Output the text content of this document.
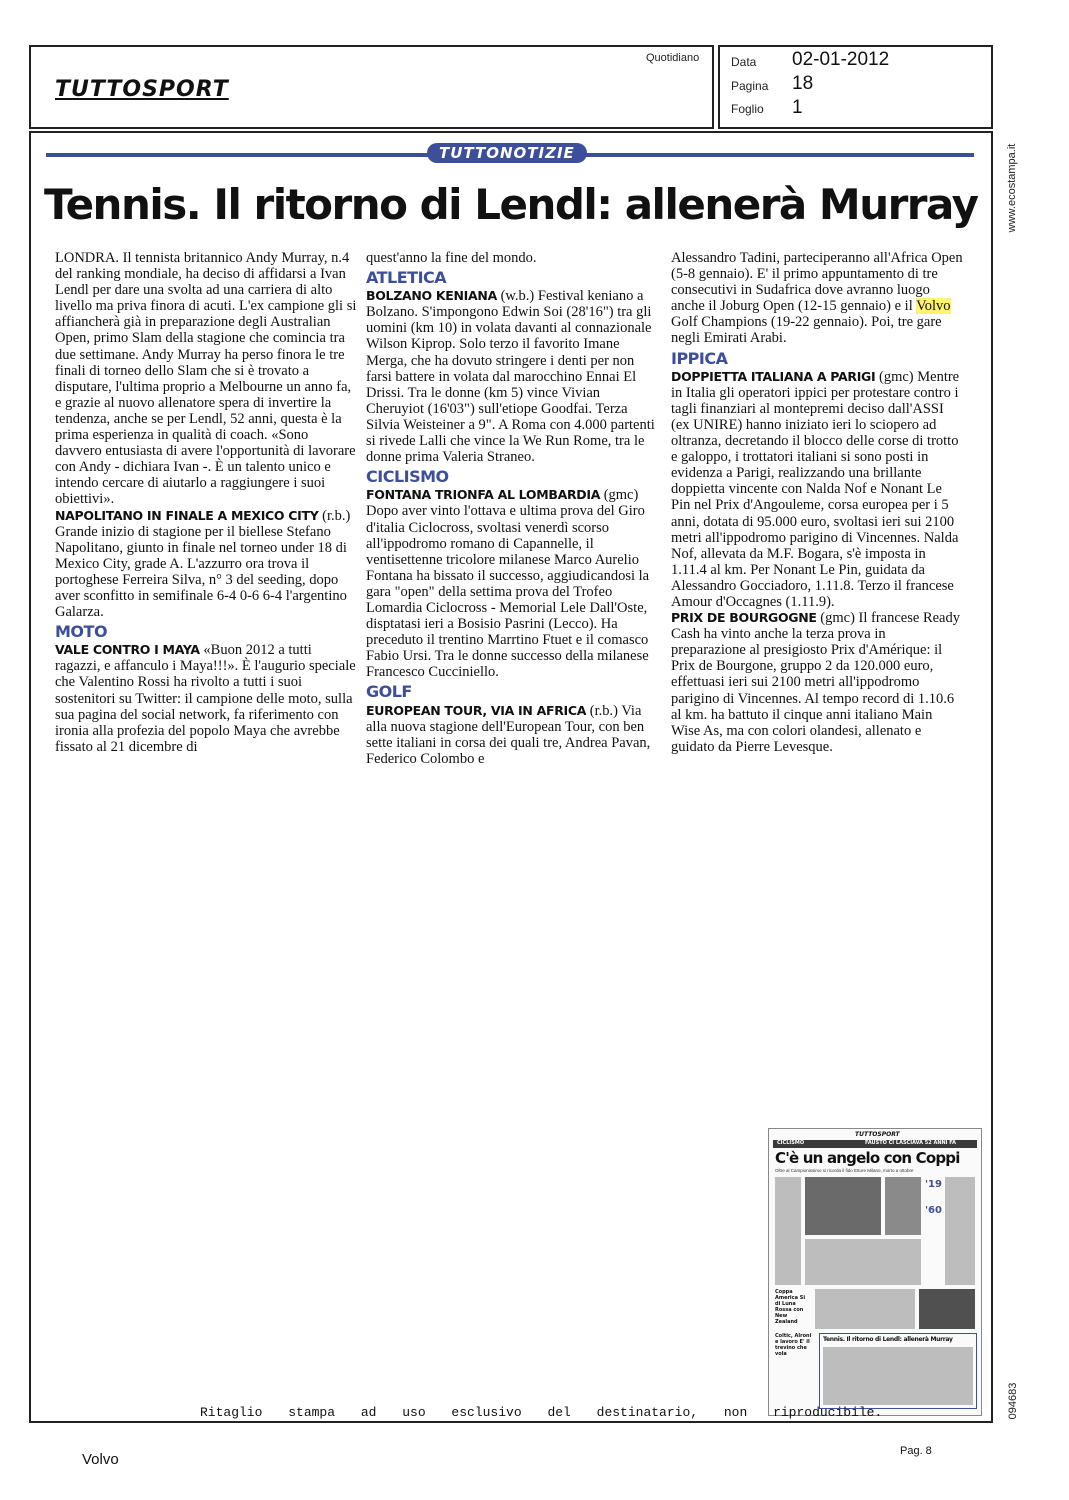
TUTTOSPORT
Quotidiano	Data 02-01-2012
Pagina 18
Foglio 1
www.ecostampa.it
094683
TUTTONOTIZIE
Tennis. Il ritorno di Lendl: allenerà Murray

LONDRA. Il tennista britannico Andy Murray, n.4 del ranking mondiale, ha deciso di affidarsi a Ivan Lendl per dare una svolta ad una carriera di alto livello ma priva finora di acuti. L'ex campione gli si affiancherà già in preparazione degli Australian Open, primo Slam della stagione che comincia tra due settimane. Andy Murray ha perso finora le tre finali di torneo dello Slam che si è trovato a disputare, l'ultima proprio a Melbourne un anno fa, e grazie al nuovo allenatore spera di invertire la tendenza, anche se per Lendl, 52 anni, questa è la prima esperienza in qualità di coach. «Sono davvero entusiasta di avere l'opportunità di lavorare con Andy - dichiara Ivan -. È un talento unico e intendo cercare di aiutarlo a raggiungere i suoi obiettivi».

NAPOLITANO IN FINALE A MEXICO CITY (r.b.) Grande inizio di stagione per il biellese Stefano Napolitano, giunto in finale nel torneo under 18 di Mexico City, grade A. L'azzurro ora trova il portoghese Ferreira Silva, n° 3 del seeding, dopo aver sconfitto in semifinale 6-4 0-6 6-4 l'argentino Galarza.

MOTO

VALE CONTRO I MAYA «Buon 2012 a tutti ragazzi, e affanculo i Maya!!!». È l'augurio speciale che Valentino Rossi ha rivolto a tutti i suoi sostenitori su Twitter: il campione delle moto, sulla sua pagina del social network, fa riferimento con ironia alla profezia del popolo Maya che avrebbe fissato al 21 dicembre di

quest'anno la fine del mondo.

ATLETICA

BOLZANO KENIANA (w.b.) Festival keniano a Bolzano. S'impongono Edwin Soi (28'16") tra gli uomini (km 10) in volata davanti al connazionale Wilson Kiprop. Solo terzo il favorito Imane Merga, che ha dovuto stringere i denti per non farsi battere in volata dal marocchino Ennai El Drissi. Tra le donne (km 5) vince Vivian Cheruyiot (16'03") sull'etiope Goodfai. Terza Silvia Weisteiner a 9". A Roma con 4.000 partenti si rivede Lalli che vince la We Run Rome, tra le donne prima Valeria Straneo.

CICLISMO

FONTANA TRIONFA AL LOMBARDIA (gmc) Dopo aver vinto l'ottava e ultima prova del Giro d'italia Ciclocross, svoltasi venerdì scorso all'ippodromo romano di Capannelle, il ventisettenne tricolore milanese Marco Aurelio Fontana ha bissato il successo, aggiudicandosi la gara "open" della settima prova del Trofeo Lomardia Ciclocross - Memorial Lele Dall'Oste, disptatasi ieri a Bosisio Pasrini (Lecco). Ha preceduto il trentino Marrtino Ftuet e il comasco Fabio Ursi. Tra le donne successo della milanese Francesco Cucciniello.

GOLF

EUROPEAN TOUR, VIA IN AFRICA (r.b.) Via alla nuova stagione dell'European Tour, con ben sette italiani in corsa dei quali tre, Andrea Pavan, Federico Colombo e

Alessandro Tadini, parteciperanno all'Africa Open (5-8 gennaio). E' il primo appuntamento di tre consecutivi in Sudafrica dove avranno luogo anche il Joburg Open (12-15 gennaio) e il Volvo Golf Champions (19-22 gennaio). Poi, tre gare negli Emirati Arabi.

IPPICA

DOPPIETTA ITALIANA A PARIGI (gmc) Mentre in Italia gli operatori ippici per protestare contro i tagli finanziari al montepremi deciso dall'ASSI (ex UNIRE) hanno iniziato ieri lo sciopero ad oltranza, decretando il blocco delle corse di trotto e galoppo, i trottatori italiani si sono posti in evidenza a Parigi, realizzando una brillante doppietta vincente con Nalda Nof e Nonant Le Pin nel Prix d'Angouleme, corsa europea per i 5 anni, dotata di 95.000 euro, svoltasi ieri sui 2100 metri all'ippodromo parigino di Vincennes. Nalda Nof, allevata da M.F. Bogara, s'è imposta in 1.11.4 al km. Per Nonant Le Pin, guidata da Alessandro Gocciadoro, 1.11.8. Terzo il francese Amour d'Occagnes (1.11.9).

PRIX DE BOURGOGNE (gmc) Il francese Ready Cash ha vinto anche la terza prova in preparazione al presigiosto Prix d'Amérique: il Prix de Bourgone, gruppo 2 da 120.000 euro, effettuasi ieri sui 2100 metri all'ippodromo parigino di Vincennes. Al tempo record di 1.10.6 al km. ha battuto il cinque anni italiano Main Wise As, ma con colori olandesi, allenato e guidato da Pierre Levesque.

TUTTOSPORT
CICLISMO	FAUSTO CI LASCIAVA 52 ANNI FA
C'è un angelo con Coppi
Oltre al Campionissimo si ricorda il fido Ettore Milano, morto a ottobre
'19
'60
Coppa America Si di Luna Rossa con New Zealand
Coltic, Alroni e lavoro E' il trevino che vola
Tennis. Il ritorno di Lendl: allenerà Murray
Ritaglio stampa ad uso esclusivo del destinatario, non riproducibile.
Volvo	Pag. 8
